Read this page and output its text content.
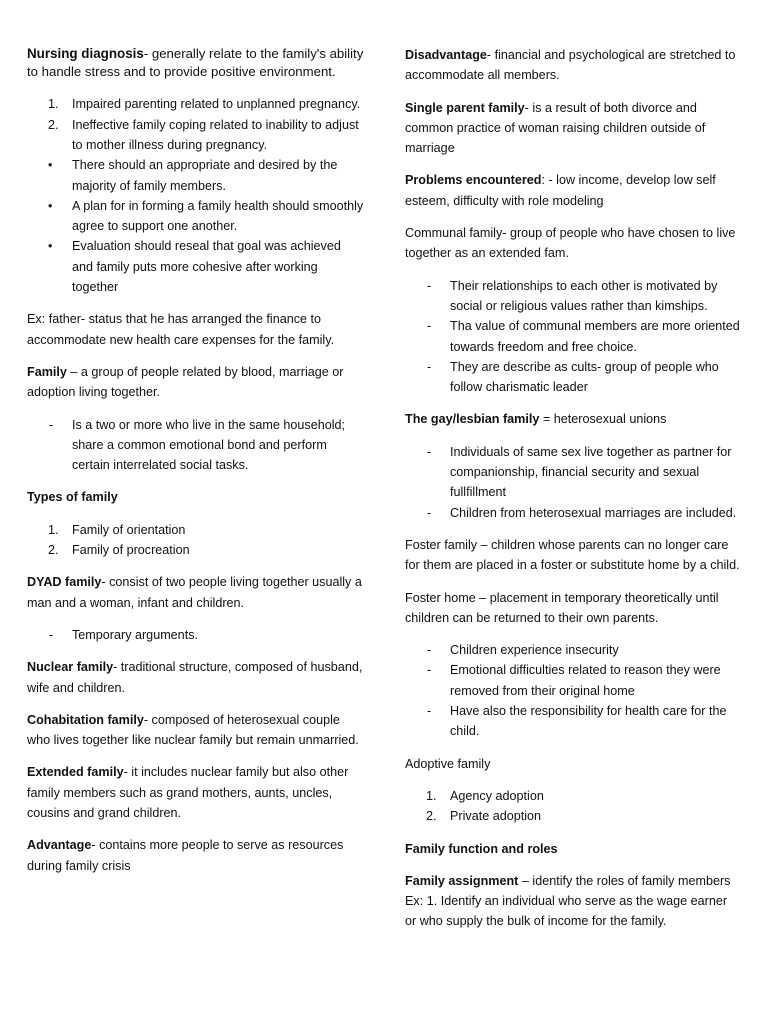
Nursing diagnosis- generally relate to the family's ability to handle stress and to provide positive environment.

1. Impaired parenting related to unplanned pregnancy.
2. Ineffective family coping related to inability to adjust to mother illness during pregnancy.
• There should an appropriate and desired by the majority of family members.
• A plan for in forming a family health should smoothly agree to support one another.
• Evaluation should reseal that goal was achieved and family puts more cohesive after working together

Ex: father- status that he has arranged the finance to accommodate new health care expenses for the family.

Family – a group of people related by blood, marriage or adoption living together.

- Is a two or more who live in the same household; share a common emotional bond and perform certain interrelated social tasks.

Types of family

1. Family of orientation
2. Family of procreation

DYAD family- consist of two people living together usually a man and a woman, infant and children.

- Temporary arguments.

Nuclear family- traditional structure, composed of husband, wife and children.

Cohabitation family- composed of heterosexual couple who lives together like nuclear family but remain unmarried.

Extended family- it includes nuclear family but also other family members such as grand mothers, aunts, uncles, cousins and grand children.

Advantage- contains more people to serve as resources during family crisis

Disadvantage- financial and psychological are stretched to accommodate all members.

Single parent family- is a result of both divorce and common practice of woman raising children outside of marriage

Problems encountered: - low income, develop low self esteem, difficulty with role modeling

Communal family- group of people who have chosen to live together as an extended fam.

- Their relationships to each other is motivated by social or religious values rather than kimships.
- Tha value of communal members are more oriented towards freedom and free choice.
- They are describe as cults- group of people who follow charismatic leader

The gay/lesbian family = heterosexual unions

- Individuals of same sex live together as partner for companionship, financial security and sexual fullfillment
- Children from heterosexual marriages are included.

Foster family – children whose parents can no longer care for them are placed in a foster or substitute home by a child.

Foster home – placement in temporary theoretically until children can be returned to their own parents.

- Children experience insecurity
- Emotional difficulties related to reason they were removed from their original home
- Have also the responsibility for health care for the child.

Adoptive family

1. Agency adoption
2. Private adoption

Family function and roles

Family assignment – identify the roles of family members
Ex: 1. Identify an individual who serve as the wage earner or who supply the bulk of income for the family.
